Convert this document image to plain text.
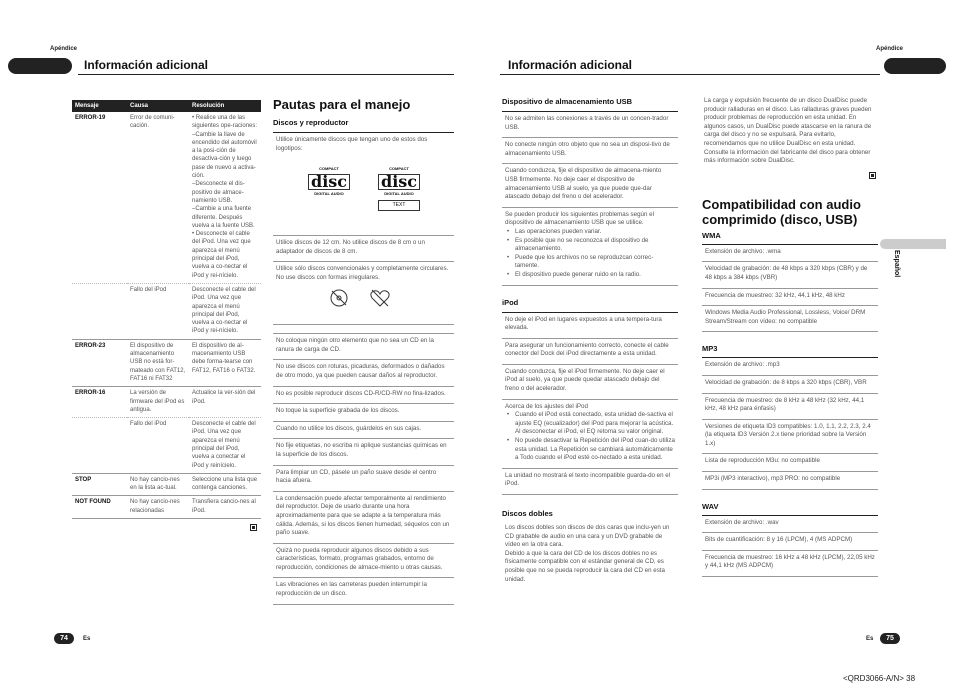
Apéndice
Información adicional
Apéndice
Información adicional
Mensaje	Causa	Resolución
ERROR-19	Error de comuni-cación.	• Realice una de las siguientes ope-raciones:
–Cambie la llave de encendido del automóvil a la posi-ción de desactiva-ción y luego pase de nuevo a activa-ción.
–Desconecte el dis-positivo de almace-namiento USB.
–Cambie a una fuente diferente. Después vuelva a la fuente USB.
• Desconecte el cable del iPod. Una vez que aparezca el menú principal del iPod, vuelva a co-nectar el iPod y rei-nícielo.
	Fallo del iPod	Desconecte el cable del iPod. Una vez que aparezca el menú principal del iPod, vuelva a co-nectar el iPod y rei-nícielo.
ERROR-23	El dispositivo de almacenamiento USB no está for-mateado con FAT12, FAT16 ni FAT32	El dispositivo de al-macenamiento USB debe forma-tearse con FAT12, FAT16 o FAT32.
ERROR-16	La versión de firmware del iPod es antigua.	Actualice la ver-sión del iPod.
	Fallo del iPod	Desconecte el cable del iPod. Una vez que aparezca el menú principal del iPod, vuelva a conectar el iPod y reinícielo.
STOP	No hay cancio-nes en la lista ac-tual.	Seleccione una lista que contenga canciones.
NOT FOUND	No hay cancio-nes relacionadas	Transfiera cancio-nes al iPod.
Pautas para el manejo
Discos y reproductor
Utilice únicamente discos que tengan uno de estos dos logotipos:
COMPACT
disc
DIGITAL AUDIO
COMPACT
disc
DIGITAL AUDIO
TEXT
Utilice discos de 12 cm. No utilice discos de 8 cm o un adaptador de discos de 8 cm.
Utilice sólo discos convencionales y completamente circulares. No use discos con formas irregulares.
No coloque ningún otro elemento que no sea un CD en la ranura de carga de CD.
No use discos con roturas, picaduras, deformados o dañados de otro modo, ya que pueden causar daños al reproductor.
No es posible reproducir discos CD-R/CD-RW no fina-lizados.
No toque la superficie grabada de los discos.
Cuando no utilice los discos, guárdelos en sus cajas.
No fije etiquetas, no escriba ni aplique sustancias químicas en la superficie de los discos.
Para limpiar un CD, pásele un paño suave desde el centro hacia afuera.
La condensación puede afectar temporalmente al rendimiento del reproductor. Deje de usarlo durante una hora aproximadamente para que se adapte a la temperatura más cálida. Además, si los discos tienen humedad, séquelos con un paño suave.
Quizá no pueda reproducir algunos discos debido a sus características, formato, programas grabados, entorno de reproducción, condiciones de almace-miento u otras causas.
Las vibraciones en las carreteras pueden interrumpir la reproducción de un disco.
Dispositivo de almacenamiento USB
No se admiten las conexiones a través de un concen-trador USB.
No conecte ningún otro objeto que no sea un disposi-tivo de almacenamiento USB.
Cuando conduzca, fije el dispositivo de almacena-miento USB firmemente. No deje caer el dispositivo de almacenamiento USB al suelo, ya que puede que-dar atascado debajo del freno o del acelerador.
Se pueden producir los siguientes problemas según el dispositivo de almacenamiento USB que se utilice.
• Las operaciones pueden variar.
• Es posible que no se reconozca el dispositivo de almacenamiento.
• Puede que los archivos no se reproduzcan correc-tamente.
• El dispositivo puede generar ruido en la radio.
iPod
No deje el iPod en lugares expuestos a una tempera-tura elevada.
Para asegurar un funcionamiento correcto, conecte el cable conector del Dock del iPod directamente a esta unidad.
Cuando conduzca, fije el iPod firmemente. No deje caer el iPod al suelo, ya que puede quedar atascado debajo del freno o del acelerador.
Acerca de los ajustes del iPod
• Cuando el iPod está conectado, esta unidad de-sactiva el ajuste EQ (ecualizador) del iPod para mejorar la acústica. Al desconectar el iPod, el EQ retoma su valor original.
• No puede desactivar la Repetición del iPod cuan-do utiliza esta unidad. La Repetición se cambiará automáticamente a Todo cuando el iPod esté co-nectado a esta unidad.
La unidad no mostrará el texto incompatible guarda-do en el iPod.
Discos dobles
Los discos dobles son discos de dos caras que inclu-yen un CD grabable de audio en una cara y un DVD grabable de vídeo en la otra cara.
Debido a que la cara del CD de los discos dobles no es físicamente compatible con el estándar general de CD, es posible que no se pueda reproducir la cara del CD en esta unidad.
La carga y expulsión frecuente de un disco DualDisc puede producir ralladuras en el disco. Las ralladuras graves pueden producir problemas de reproducción en esta unidad. En algunos casos, un DualDisc puede atascarse en la ranura de carga del disco y no se expulsará. Para evitarlo, recomendamos que no utilice DualDisc en esta unidad.
Consulte la información del fabricante del disco para obtener más información sobre DualDisc.
Compatibilidad con audio comprimido (disco, USB)
WMA
Extensión de archivo: .wma
Velocidad de grabación: de 48 kbps a 320 kbps (CBR) y de 48 kbps a 384 kbps (VBR)
Frecuencia de muestreo: 32 kHz, 44,1 kHz, 48 kHz
Windows Media Audio Professional, Lossless, Voice/ DRM Stream/Stream con vídeo: no compatible
MP3
Extensión de archivo: .mp3
Velocidad de grabación: de 8 kbps a 320 kbps (CBR), VBR
Frecuencia de muestreo: de 8 kHz a 48 kHz (32 kHz, 44,1 kHz, 48 kHz para énfasis)
Versiones de etiqueta ID3 compatibles: 1.0, 1.1, 2.2, 2.3, 2.4 (la etiqueta ID3 Versión 2.x tiene prioridad sobre la Versión 1.x)
Lista de reproducción M3u: no compatible
MP3i (MP3 interactivo), mp3 PRO: no compatible
WAV
Extensión de archivo: .wav
Bits de cuantificación: 8 y 16 (LPCM), 4 (MS ADPCM)
Frecuencia de muestreo: 16 kHz a 48 kHz (LPCM), 22,05 kHz y 44,1 kHz (MS ADPCM)
Español
74	Es	Es	75
<QRD3066-A/N> 38
